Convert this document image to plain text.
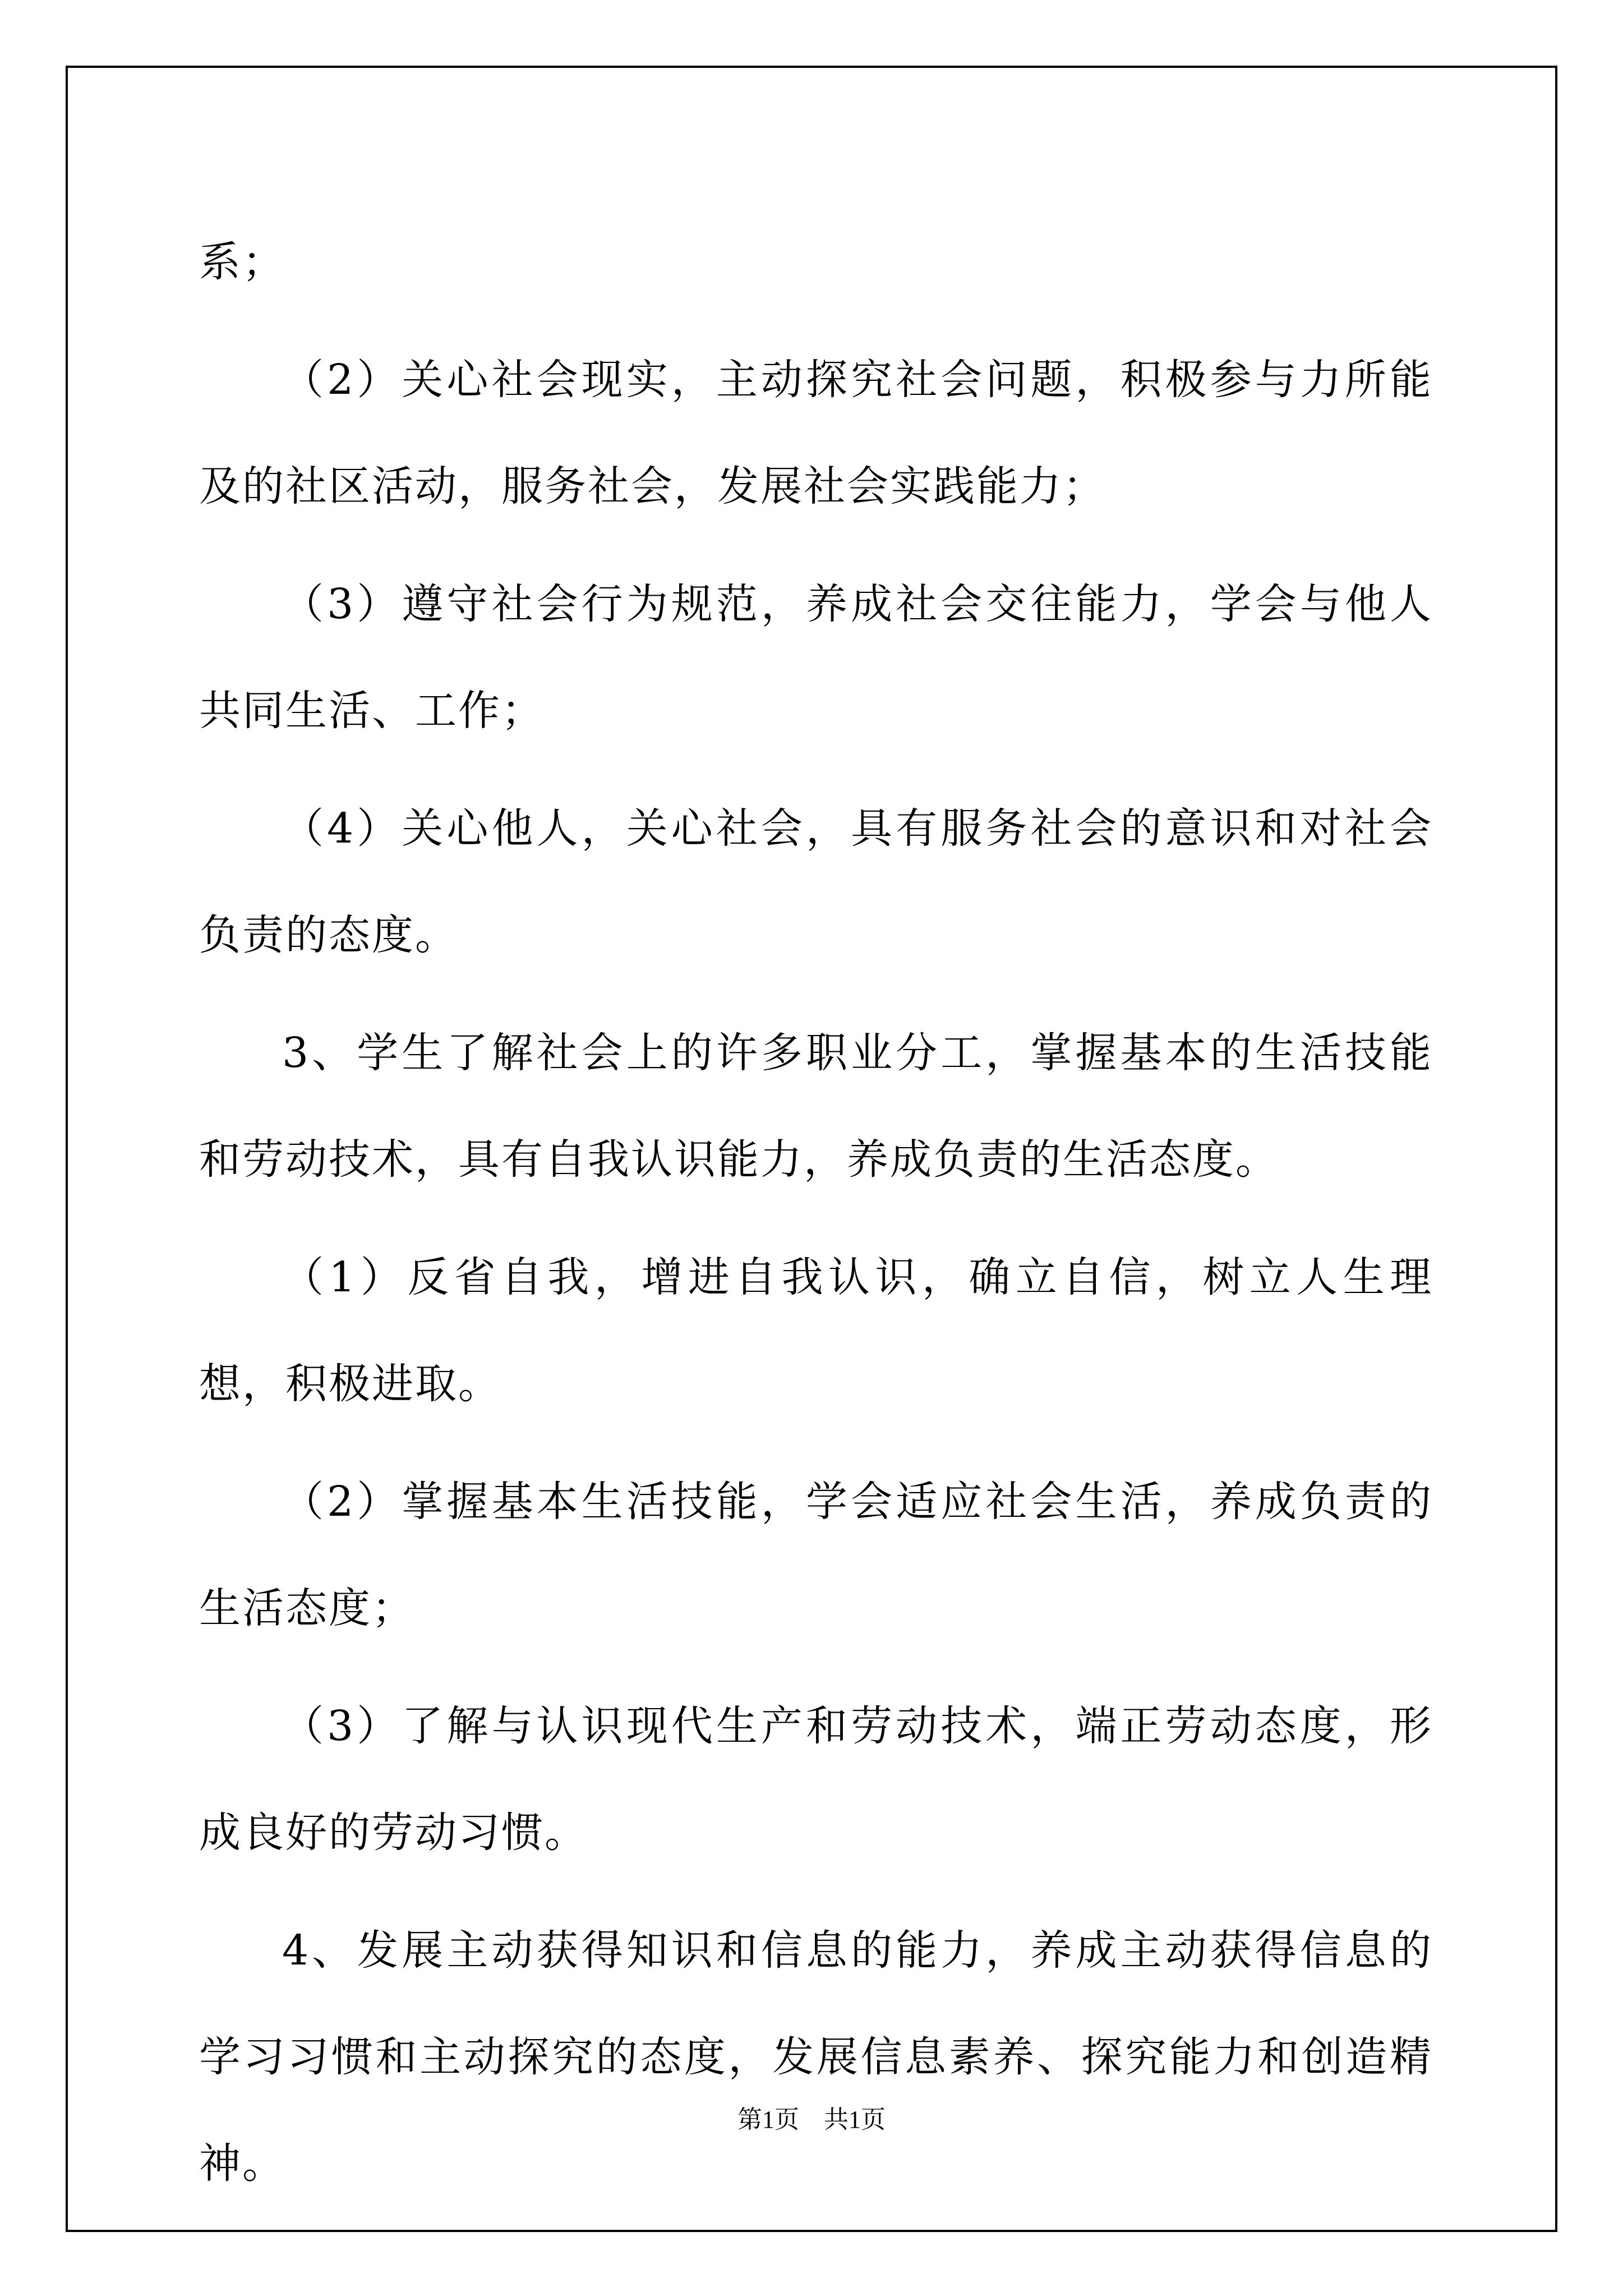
系；

（2）关心社会现实，主动探究社会问题，积极参与力所能及的社区活动，服务社会，发展社会实践能力；

（3）遵守社会行为规范，养成社会交往能力，学会与他人共同生活、工作；

（4）关心他人，关心社会，具有服务社会的意识和对社会负责的态度。

3、学生了解社会上的许多职业分工，掌握基本的生活技能和劳动技术，具有自我认识能力，养成负责的生活态度。

（1）反省自我，增进自我认识，确立自信，树立人生理想，积极进取。

（2）掌握基本生活技能，学会适应社会生活，养成负责的生活态度；

（3）了解与认识现代生产和劳动技术，端正劳动态度，形成良好的劳动习惯。

4、发展主动获得知识和信息的能力，养成主动获得信息的学习习惯和主动探究的态度，发展信息素养、探究能力和创造精神。

第1页　共1页
